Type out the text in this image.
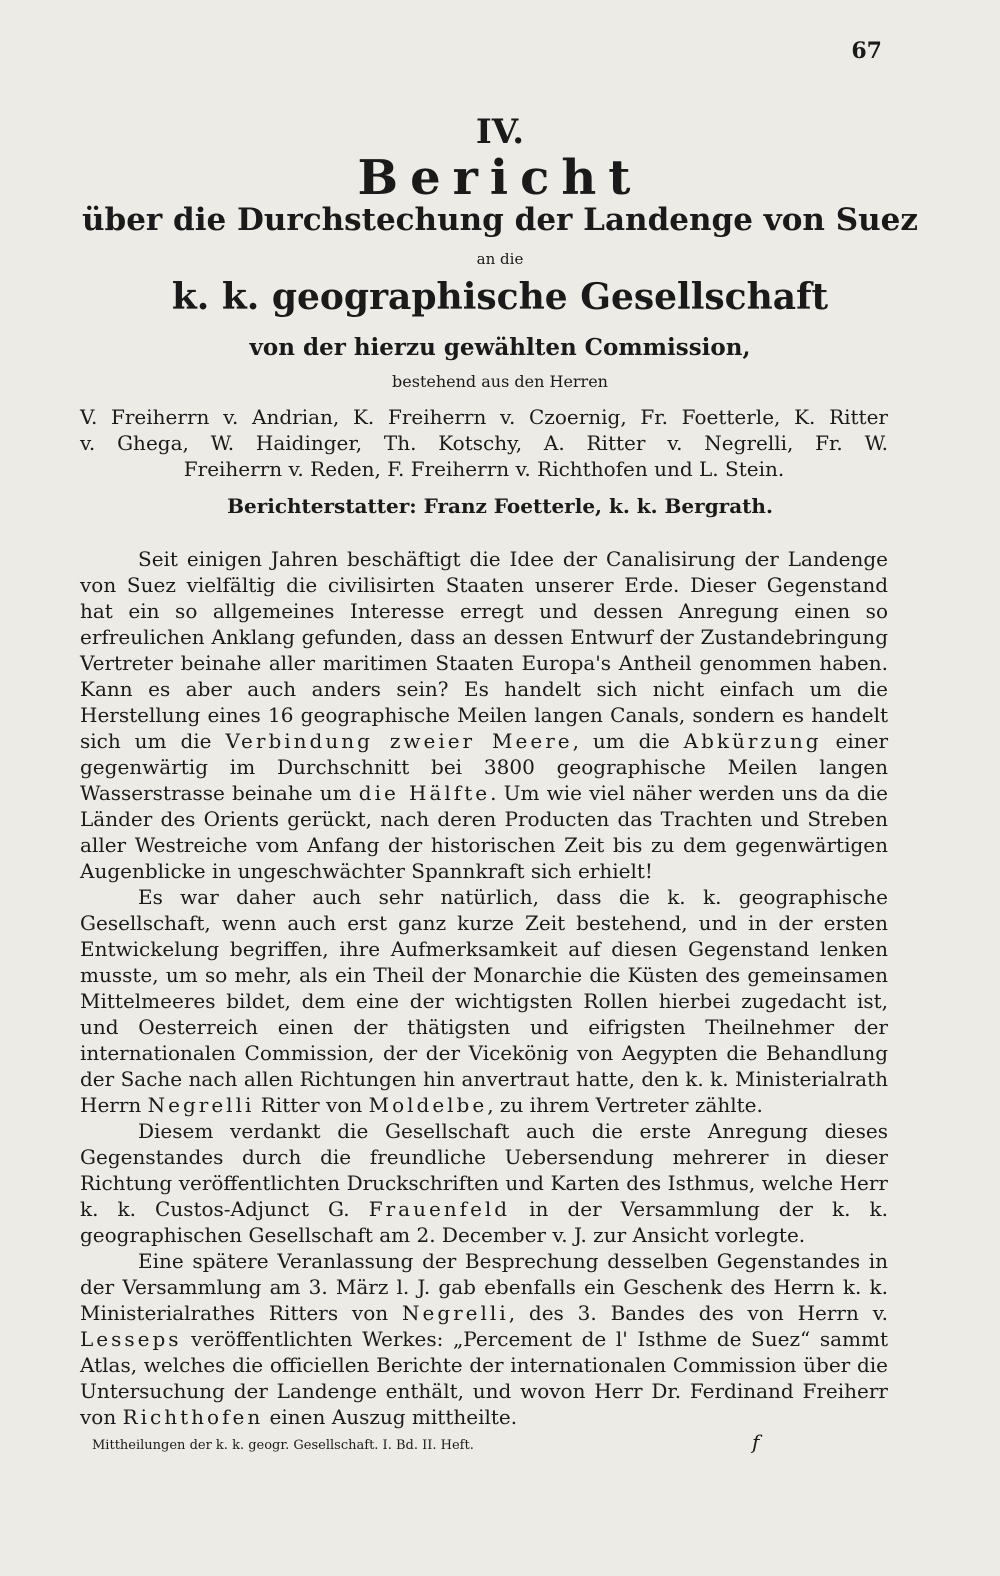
67
IV.
Bericht
über die Durchstechung der Landenge von Suez
an die
k. k. geographische Gesellschaft
von der hierzu gewählten Commission,
bestehend aus den Herren
V. Freiherrn v. Andrian, K. Freiherrn v. Czoernig, Fr. Foetterle, K. Ritter
v. Ghega, W. Haidinger, Th. Kotschy, A. Ritter v. Negrelli, Fr. W.
Freiherrn v. Reden, F. Freiherrn v. Richthofen und L. Stein.
Berichterstatter: Franz Foetterle, k. k. Bergrath.

Seit einigen Jahren beschäftigt die Idee der Canalisirung der Landenge von Suez vielfältig die civilisirten Staaten unserer Erde. Dieser Gegenstand hat ein so allgemeines Interesse erregt und dessen Anregung einen so erfreulichen Anklang gefunden, dass an dessen Entwurf der Zustandebringung Vertreter beinahe aller maritimen Staaten Europa's Antheil genommen haben. Kann es aber auch anders sein? Es handelt sich nicht einfach um die Herstellung eines 16 geographische Meilen langen Canals, sondern es handelt sich um die Verbindung zweier Meere, um die Abkürzung einer gegenwärtig im Durchschnitt bei 3800 geographische Meilen langen Wasserstrasse beinahe um die Hälfte. Um wie viel näher werden uns da die Länder des Orients gerückt, nach deren Producten das Trachten und Streben aller Westreiche vom Anfang der historischen Zeit bis zu dem gegenwärtigen Augenblicke in ungeschwächter Spannkraft sich erhielt!

Es war daher auch sehr natürlich, dass die k. k. geographische Gesellschaft, wenn auch erst ganz kurze Zeit bestehend, und in der ersten Entwickelung begriffen, ihre Aufmerksamkeit auf diesen Gegenstand lenken musste, um so mehr, als ein Theil der Monarchie die Küsten des gemeinsamen Mittelmeeres bildet, dem eine der wichtigsten Rollen hierbei zugedacht ist, und Oesterreich einen der thätigsten und eifrigsten Theilnehmer der internationalen Commission, der der Vicekönig von Aegypten die Behandlung der Sache nach allen Richtungen hin anvertraut hatte, den k. k. Ministerialrath Herrn Negrelli Ritter von Moldelbe, zu ihrem Vertreter zählte.

Diesem verdankt die Gesellschaft auch die erste Anregung dieses Gegenstandes durch die freundliche Uebersendung mehrerer in dieser Richtung veröffentlichten Druckschriften und Karten des Isthmus, welche Herr k. k. Custos-Adjunct G. Frauenfeld in der Versammlung der k. k. geographischen Gesellschaft am 2. December v. J. zur Ansicht vorlegte.

Eine spätere Veranlassung der Besprechung desselben Gegenstandes in der Versammlung am 3. März l. J. gab ebenfalls ein Geschenk des Herrn k. k. Ministerialrathes Ritters von Negrelli, des 3. Bandes des von Herrn v. Lesseps veröffentlichten Werkes: „Percement de l' Isthme de Suez“ sammt Atlas, welches die officiellen Berichte der internationalen Commission über die Untersuchung der Landenge enthält, und wovon Herr Dr. Ferdinand Freiherr von Richthofen einen Auszug mittheilte.

Mittheilungen der k. k. geogr. Gesellschaft. I. Bd. II. Heft.	f
